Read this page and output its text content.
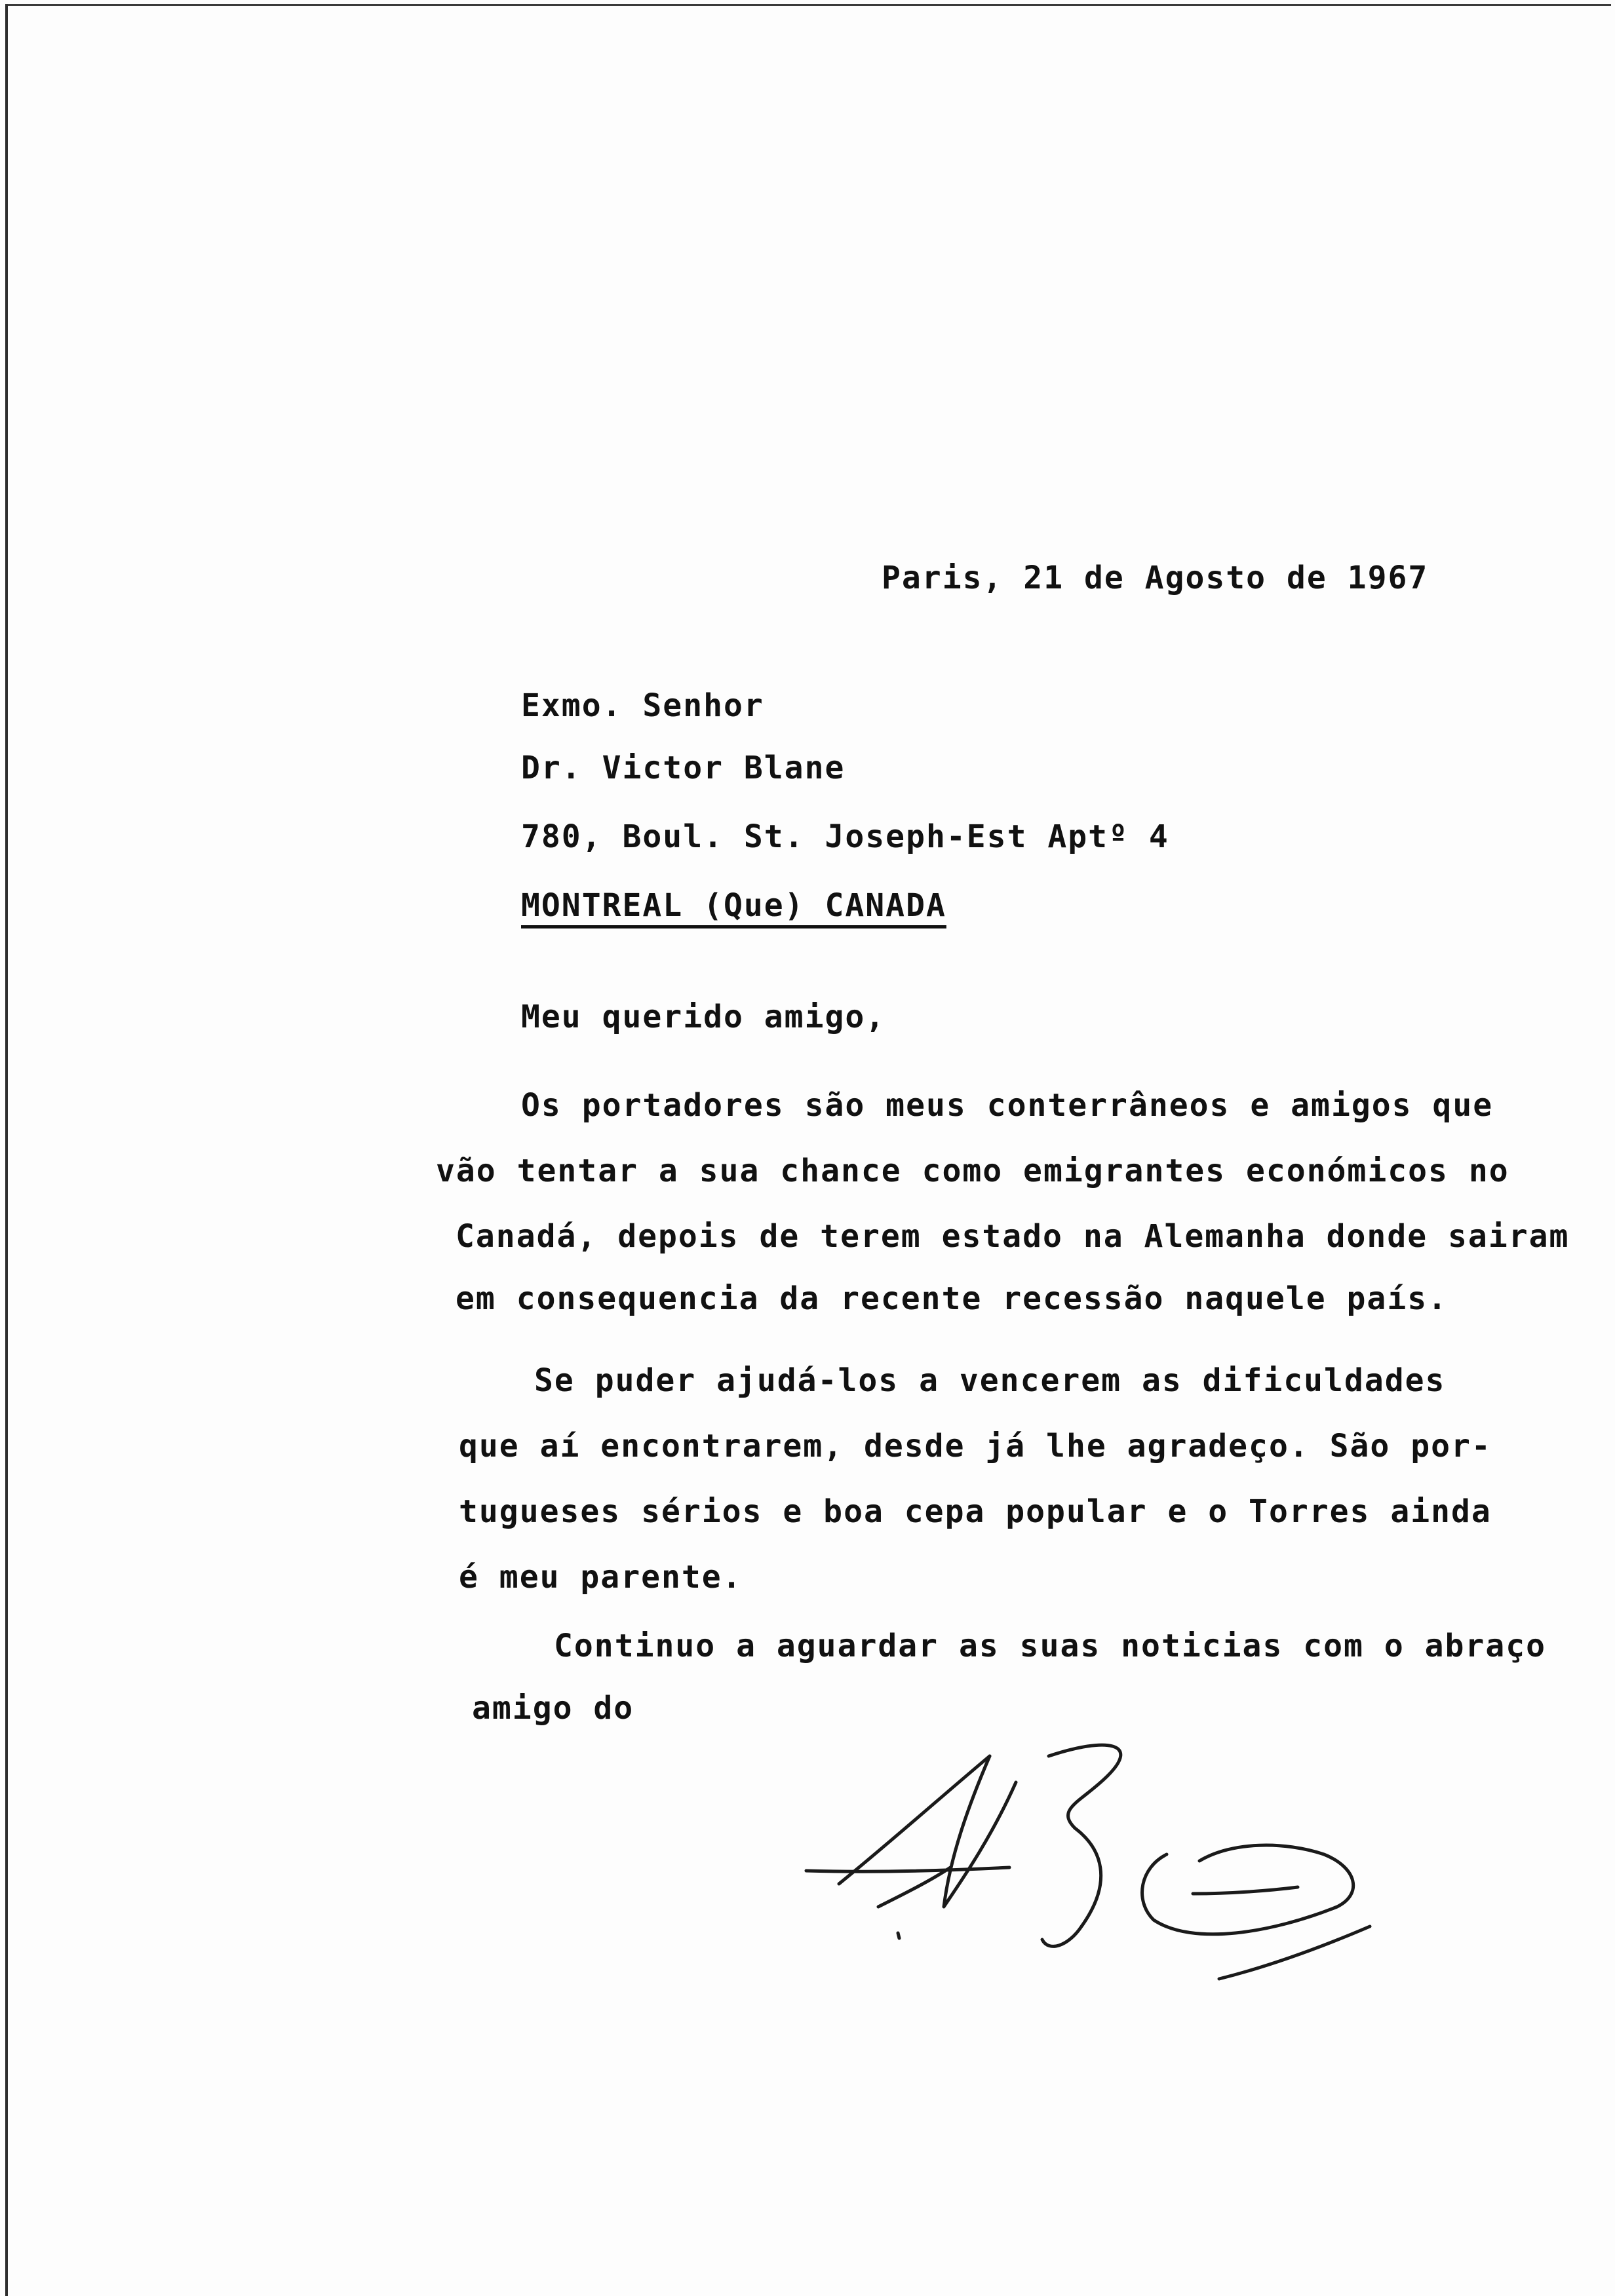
Paris, 21 de Agosto de 1967
Exmo. Senhor
Dr. Victor Blane
780, Boul. St. Joseph-Est Aptº 4
MONTREAL (Que) CANADA
Meu querido amigo,
Os portadores são meus conterrâneos e amigos que
vão tentar a sua chance como emigrantes económicos no
Canadá, depois de terem estado na Alemanha donde sairam
em consequencia da recente recessão naquele país.
Se puder ajudá-los a vencerem as dificuldades
que aí encontrarem, desde já lhe agradeço. São por-
tugueses sérios e boa cepa popular e o Torres ainda
é meu parente.
Continuo a aguardar as suas noticias com o abraço
amigo do
